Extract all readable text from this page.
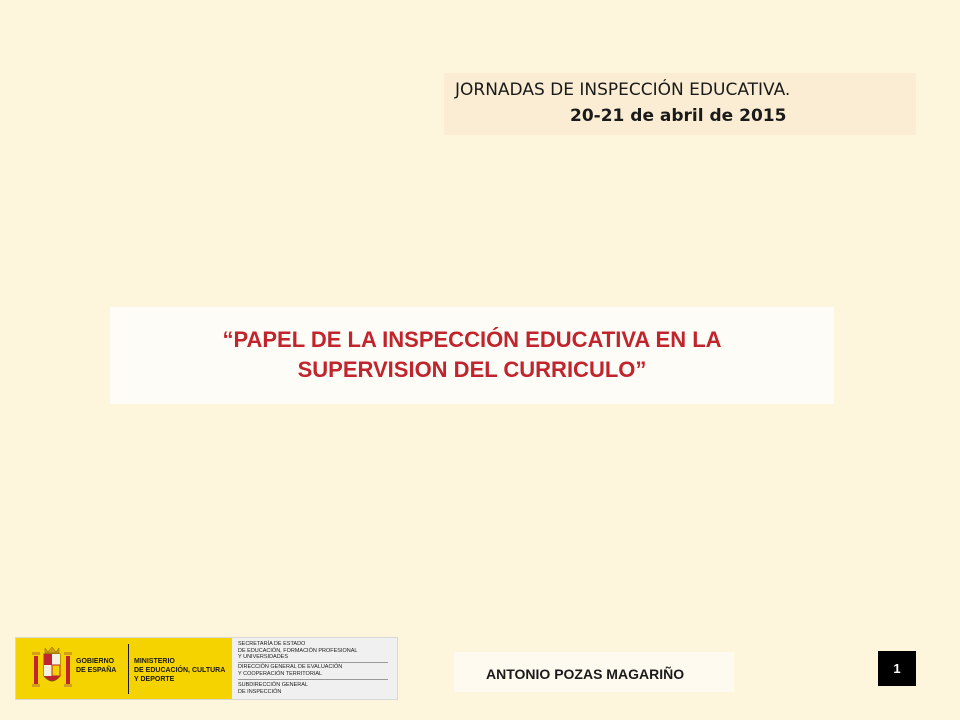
JORNADAS DE INSPECCIÓN EDUCATIVA.
20-21 de abril de 2015
“PAPEL DE LA INSPECCIÓN EDUCATIVA EN LA
SUPERVISION DEL CURRICULO”
GOBIERNO
DE ESPAÑA
MINISTERIO
DE EDUCACIÓN, CULTURA
Y DEPORTE
SECRETARÍA DE ESTADO
DE EDUCACIÓN, FORMACIÓN PROFESIONAL
Y UNIVERSIDADES
DIRECCIÓN GENERAL DE EVALUACIÓN
Y COOPERACIÓN TERRITORIAL
SUBDIRECCIÓN GENERAL
DE INSPECCIÓN
ANTONIO POZAS MAGARIÑO	1
